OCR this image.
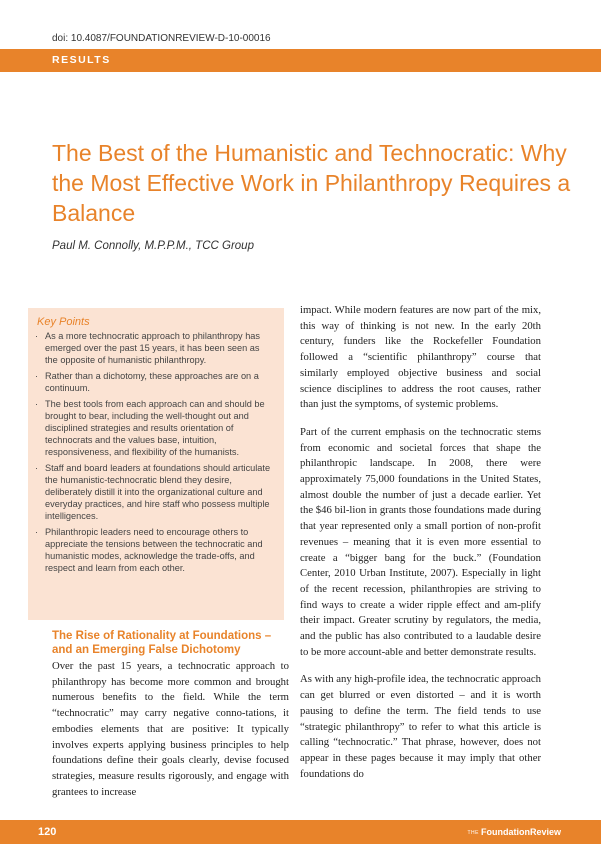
doi: 10.4087/FOUNDATIONREVIEW-D-10-00016
RESULTS
The Best of the Humanistic and Technocratic: Why the Most Effective Work in Philanthropy Requires a Balance
Paul M. Connolly, M.P.P.M., TCC Group
Key Points
· As a more technocratic approach to philanthropy has emerged over the past 15 years, it has been seen as the opposite of humanistic philanthropy.
· Rather than a dichotomy, these approaches are on a continuum.
· The best tools from each approach can and should be brought to bear, including the well-thought out and disciplined strategies and results orientation of technocrats and the values base, intuition, responsiveness, and flexibility of the humanists.
· Staff and board leaders at foundations should articulate the humanistic-technocratic blend they desire, deliberately distill it into the organizational culture and everyday practices, and hire staff who possess multiple intelligences.
· Philanthropic leaders need to encourage others to appreciate the tensions between the technocratic and humanistic modes, acknowledge the trade-offs, and respect and learn from each other.
The Rise of Rationality at Foundations – and an Emerging False Dichotomy

Over the past 15 years, a technocratic approach to philanthropy has become more common and brought numerous benefits to the field. While the term “technocratic” may carry negative conno-tations, it embodies elements that are positive: It typically involves experts applying business principles to help foundations define their goals clearly, devise focused strategies, measure results rigorously, and engage with grantees to increase

impact. While modern features are now part of the mix, this way of thinking is not new. In the early 20th century, funders like the Rockefeller Foundation followed a “scientific philanthropy” course that similarly employed objective business and social science disciplines to address the root causes, rather than just the symptoms, of systemic problems.

Part of the current emphasis on the technocratic stems from economic and societal forces that shape the philanthropic landscape. In 2008, there were approximately 75,000 foundations in the United States, almost double the number of just a decade earlier. Yet the $46 bil-lion in grants those foundations made during that year represented only a small portion of non-profit revenues – meaning that it is even more essential to create a “bigger bang for the buck.” (Foundation Center, 2010 Urban Institute, 2007). Especially in light of the recent recession, philanthropies are striving to find ways to create a wider ripple effect and am-plify their impact. Greater scrutiny by regulators, the media, and the public has also contributed to a laudable desire to be more account-able and better demonstrate results.

As with any high-profile idea, the technocratic approach can get blurred or even distorted – and it is worth pausing to define the term. The field tends to use “strategic philanthropy” to refer to what this article is calling “technocratic.” That phrase, however, does not appear in these pages because it may imply that other foundations do

120	THE FoundationReview
